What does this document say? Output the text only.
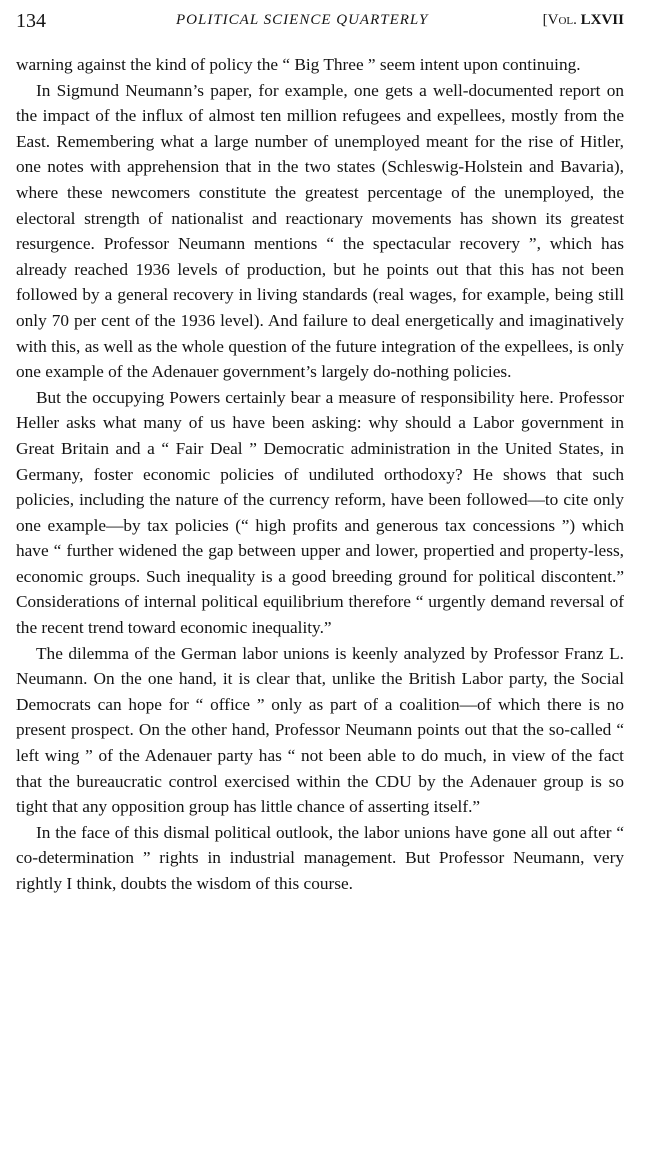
134	POLITICAL SCIENCE QUARTERLY	[Vol. LXVII

warning against the kind of policy the “ Big Three ” seem intent upon continuing.

In Sigmund Neumann’s paper, for example, one gets a well-documented report on the impact of the influx of almost ten million refugees and expellees, mostly from the East. Remembering what a large number of unemployed meant for the rise of Hitler, one notes with apprehension that in the two states (Schleswig-Holstein and Bavaria), where these newcomers constitute the greatest percentage of the unemployed, the electoral strength of nationalist and reactionary movements has shown its greatest resurgence. Professor Neumann mentions “ the spectacular recovery ”, which has already reached 1936 levels of production, but he points out that this has not been followed by a general recovery in living standards (real wages, for example, being still only 70 per cent of the 1936 level). And failure to deal energetically and imaginatively with this, as well as the whole question of the future integration of the expellees, is only one example of the Adenauer government’s largely do-nothing policies.

But the occupying Powers certainly bear a measure of responsibility here. Professor Heller asks what many of us have been asking: why should a Labor government in Great Britain and a “ Fair Deal ” Democratic administration in the United States, in Germany, foster economic policies of undiluted orthodoxy? He shows that such policies, including the nature of the currency reform, have been followed—to cite only one example—by tax policies (“ high profits and generous tax concessions ”) which have “ further widened the gap between upper and lower, propertied and property-less, economic groups. Such inequality is a good breeding ground for political discontent.” Considerations of internal political equilibrium therefore “ urgently demand reversal of the recent trend toward economic inequality.”

The dilemma of the German labor unions is keenly analyzed by Professor Franz L. Neumann. On the one hand, it is clear that, unlike the British Labor party, the Social Democrats can hope for “ office ” only as part of a coalition—of which there is no present prospect. On the other hand, Professor Neumann points out that the so-called “ left wing ” of the Adenauer party has “ not been able to do much, in view of the fact that the bureaucratic control exercised within the CDU by the Adenauer group is so tight that any opposition group has little chance of asserting itself.”

In the face of this dismal political outlook, the labor unions have gone all out after “ co-determination ” rights in industrial management. But Professor Neumann, very rightly I think, doubts the wisdom of this course.
